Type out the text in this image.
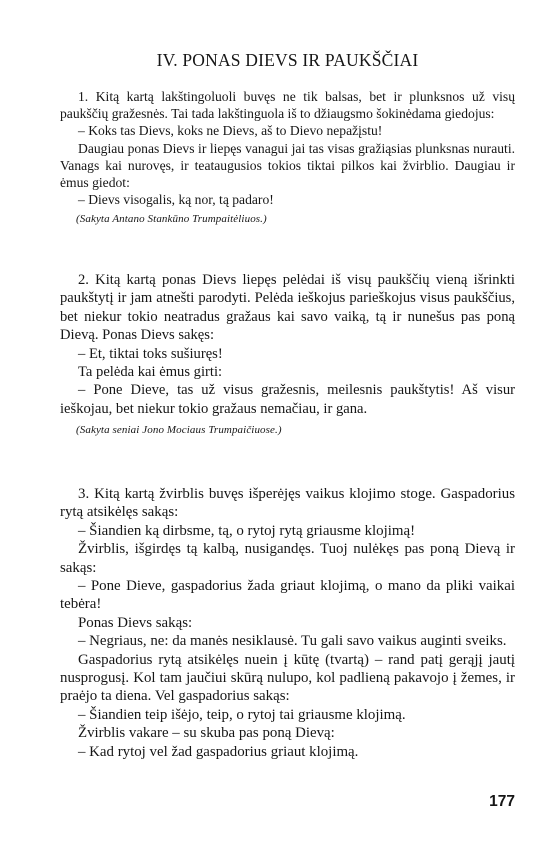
IV. PONAS DIEVS IR PAUKŠČIAI

1. Kitą kartą lakštingoluoli buvęs ne tik balsas, bet ir plunksnos už visų paukščių gražesnės. Tai tada lakštinguola iš to džiaugsmo šokinėdama giedojus:

– Koks tas Dievs, koks ne Dievs, aš to Dievo nepažįstu!

Daugiau ponas Dievs ir liepęs vanagui jai tas visas gražiąsias plunksnas nurauti. Vanags kai nurovęs, ir teataugusios tokios tiktai pilkos kai žvirblio. Daugiau ir ėmus giedot:

– Dievs visogalis, ką nor, tą padaro!

(Sakyta Antano Stankūno Trumpaitėliuos.)

2. Kitą kartą ponas Dievs liepęs pelėdai iš visų paukščių vieną išrinkti paukštytį ir jam atnešti parodyti. Pelėda ieškojus parieškojus visus paukščius, bet niekur tokio neatradus gražaus kai savo vaiką, tą ir nunešus pas poną Dievą. Ponas Dievs sakęs:

– Et, tiktai toks sušiuręs!

Ta pelėda kai ėmus girti:

– Pone Dieve, tas už visus gražesnis, meilesnis paukštytis! Aš visur ieškojau, bet niekur tokio gražaus nemačiau, ir gana.

(Sakyta seniai Jono Mociaus Trumpaičiuose.)

3. Kitą kartą žvirblis buvęs išperėjęs vaikus klojimo stoge. Gaspadorius rytą atsikėlęs sakąs:

– Šiandien ką dirbsme, tą, o rytoj rytą griausme klojimą!

Žvirblis, išgirdęs tą kalbą, nusigandęs. Tuoj nulėkęs pas poną Dievą ir sakąs:

– Pone Dieve, gaspadorius žada griaut klojimą, o mano da pliki vaikai tebėra!

Ponas Dievs sakąs:

– Negriaus, ne: da manės nesiklausė. Tu gali savo vaikus auginti sveiks.

Gaspadorius rytą atsikėlęs nuein į kūtę (tvartą) – rand patį gerąjį jautį nusprogusį. Kol tam jaučiui skūrą nulupo, kol padlieną pakavojo į žemes, ir praėjo ta diena. Vel gaspadorius sakąs:

– Šiandien teip išėjo, teip, o rytoj tai griausme klojimą.

Žvirblis vakare – su skuba pas poną Dievą:

– Kad rytoj vel žad gaspadorius griaut klojimą.

177
